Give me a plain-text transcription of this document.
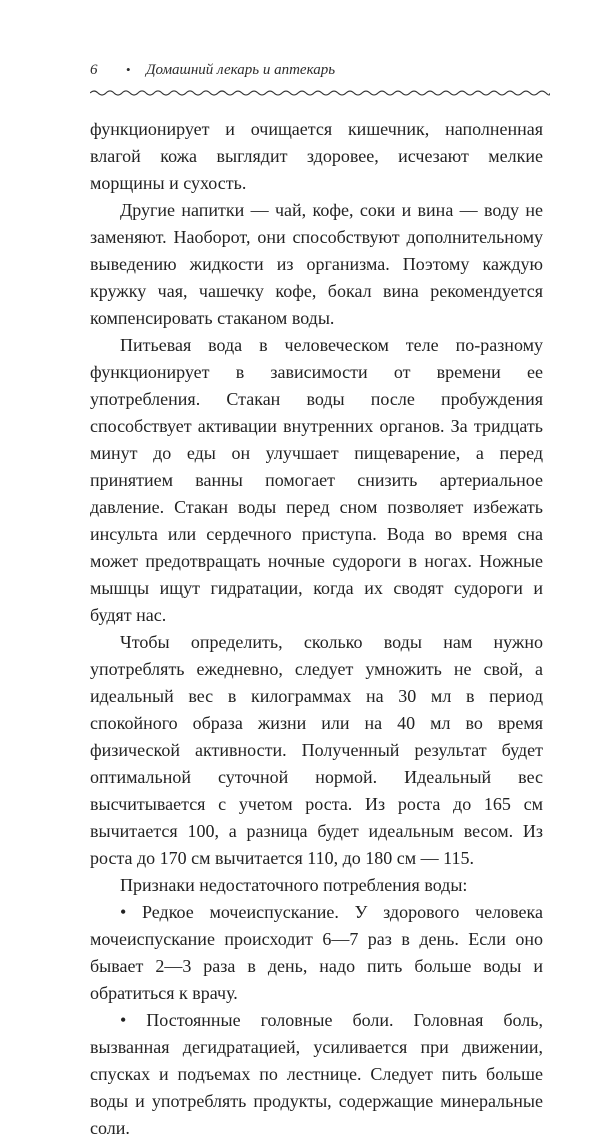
6 • Домашний лекарь и аптекарь

функционирует и очищается кишечник, наполненная влагой кожа выглядит здоровее, исчезают мелкие морщины и сухость.

Другие напитки — чай, кофе, соки и вина — воду не заменяют. Наоборот, они способствуют дополнительному выведению жидкости из организма. Поэтому каждую кружку чая, чашечку кофе, бокал вина рекомендуется компенсировать стаканом воды.

Питьевая вода в человеческом теле по-разному функционирует в зависимости от времени ее употребления. Стакан воды после пробуждения способствует активации внутренних органов. За тридцать минут до еды он улучшает пищеварение, а перед принятием ванны помогает снизить артериальное давление. Стакан воды перед сном позволяет избежать инсульта или сердечного приступа. Вода во время сна может предотвращать ночные судороги в ногах. Ножные мышцы ищут гидратации, когда их сводят судороги и будят нас.

Чтобы определить, сколько воды нам нужно употреблять ежедневно, следует умножить не свой, а идеальный вес в килограммах на 30 мл в период спокойного образа жизни или на 40 мл во время физической активности. Полученный результат будет оптимальной суточной нормой. Идеальный вес высчитывается с учетом роста. Из роста до 165 см вычитается 100, а разница будет идеальным весом. Из роста до 170 см вычитается 110, до 180 см — 115.

Признаки недостаточного потребления воды:

• Редкое мочеиспускание. У здорового человека мочеиспускание происходит 6—7 раз в день. Если оно бывает 2—3 раза в день, надо пить больше воды и обратиться к врачу.

• Постоянные головные боли. Головная боль, вызванная дегидратацией, усиливается при движении, спусках и подъемах по лестнице. Следует пить больше воды и употреблять продукты, содержащие минеральные соли.
